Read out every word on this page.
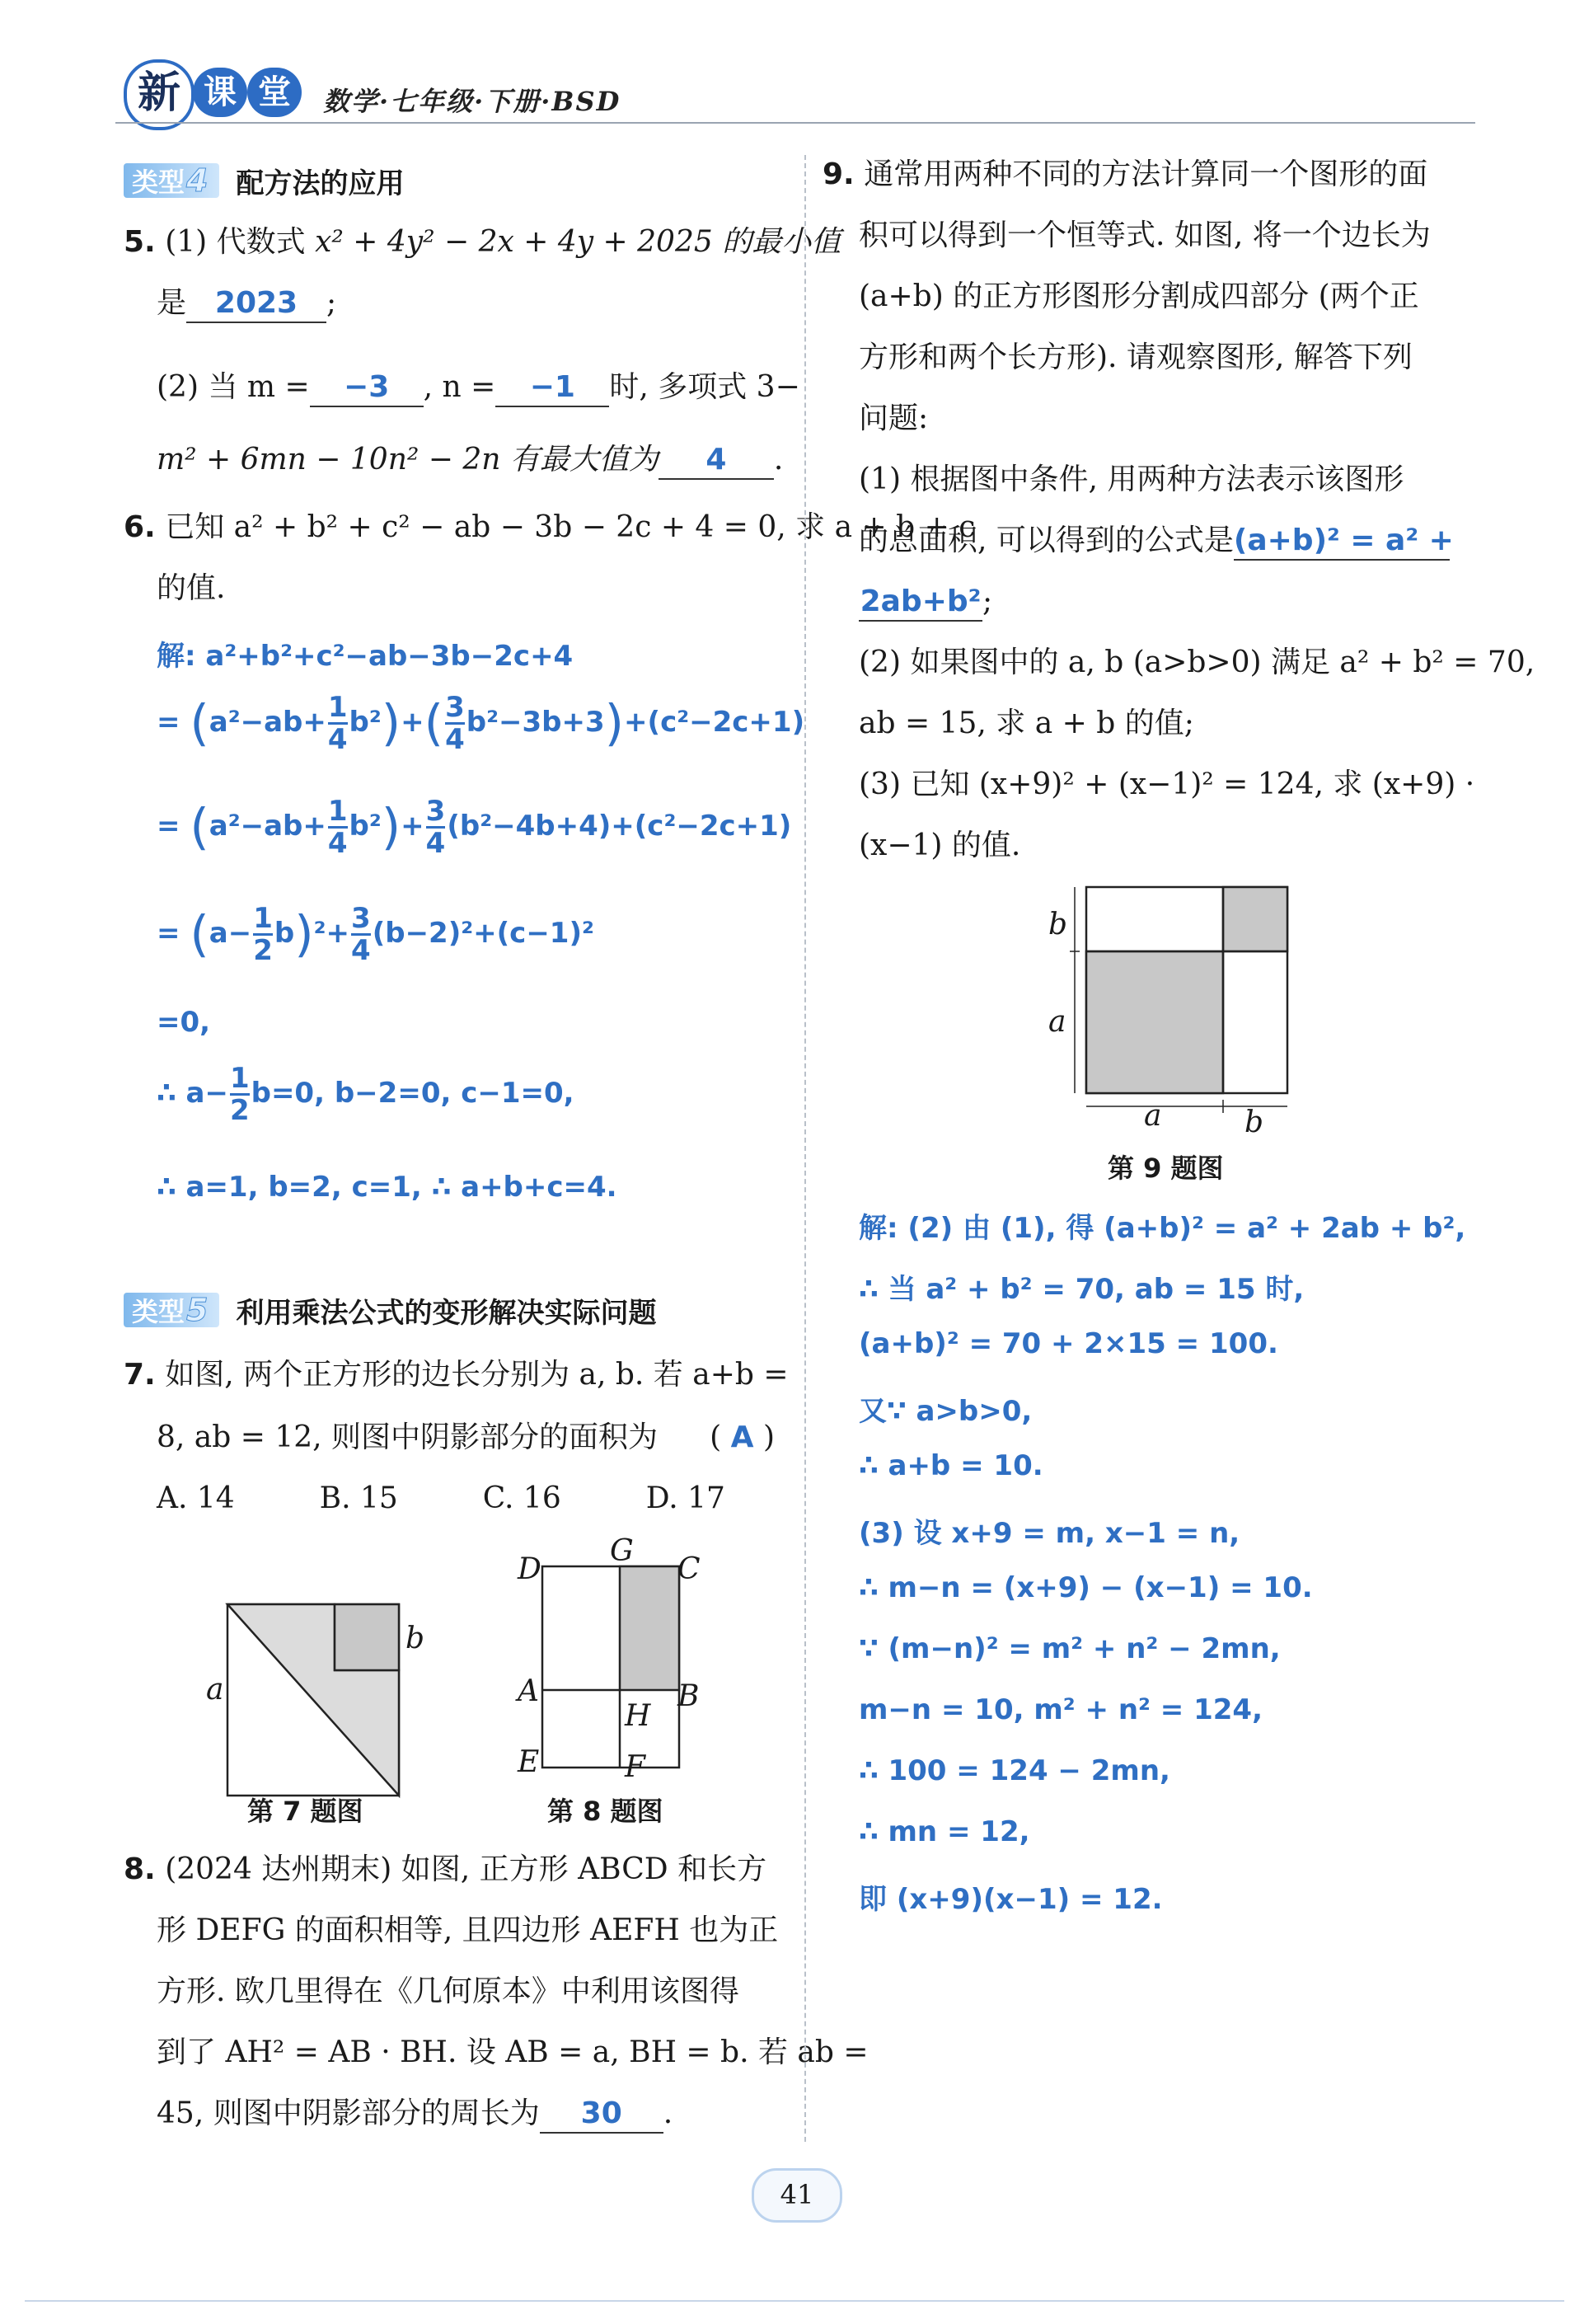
新 课 堂	数学·七年级·下册·BSD
类型4	配方法的应用
5. (1) 代数式 x² + 4y² − 2x + 4y + 2025 的最小值
是 2023 ;
(2) 当 m = −3 , n = −1 时, 多项式 3−
m² + 6mn − 10n² − 2n 有最大值为 4 .
6. 已知 a² + b² + c² − ab − 3b − 2c + 4 = 0, 求 a + b + c
的值.
解: a²+b²+c²−ab−3b−2c+4
= $(a^2-ab+ \frac{1}{4} b^2)+( \frac{3}{4} b^2-3b+3)+(c^2-2c+1)$
= $(a^2-ab+ \frac{1}{4} b^2)+ \frac{3}{4} (b^2-4b+4)+(c^2-2c+1)$
= $(a- \frac{1}{2} b)^2+ \frac{3}{4} (b-2)^2+(c-1)^2$
=0,
∴ $a- \frac{1}{2} b=0$, b−2=0, c−1=0,
∴ a=1, b=2, c=1, ∴ a+b+c=4.
类型5	利用乘法公式的变形解决实际问题
7. 如图, 两个正方形的边长分别为 a, b. 若 a+b =
8, ab = 12, 则图中阴影部分的面积为 ( A )
A. 14	B. 15	C. 16	D. 17
a
b
第 7 题图
D
G
C
A
H
B
E	F
第 8 题图
8. (2024 达州期末) 如图, 正方形 ABCD 和长方
形 DEFG 的面积相等, 且四边形 AEFH 也为正
方形. 欧几里得在《几何原本》中利用该图得
到了 AH² = AB · BH. 设 AB = a, BH = b. 若 ab =
45, 则图中阴影部分的周长为 30 .
9. 通常用两种不同的方法计算同一个图形的面
积可以得到一个恒等式. 如图, 将一个边长为
(a+b) 的正方形图形分割成四部分 (两个正
方形和两个长方形). 请观察图形, 解答下列
问题:
(1) 根据图中条件, 用两种方法表示该图形
的总面积, 可以得到的公式是(a+b)² = a² +
2ab+b²;
(2) 如果图中的 a, b (a>b>0) 满足 a² + b² = 70,
ab = 15, 求 a + b 的值;
(3) 已知 (x+9)² + (x−1)² = 124, 求 (x+9) ·
(x−1) 的值.
b
a
a	b
第 9 题图
解: (2) 由 (1), 得 (a+b)² = a² + 2ab + b²,
∴ 当 a² + b² = 70, ab = 15 时,
(a+b)² = 70 + 2×15 = 100.
又∵ a>b>0,
∴ a+b = 10.
(3) 设 x+9 = m, x−1 = n,
∴ m−n = (x+9) − (x−1) = 10.
∵ (m−n)² = m² + n² − 2mn,
m−n = 10, m² + n² = 124,
∴ 100 = 124 − 2mn,
∴ mn = 12,
即 (x+9)(x−1) = 12.
41
